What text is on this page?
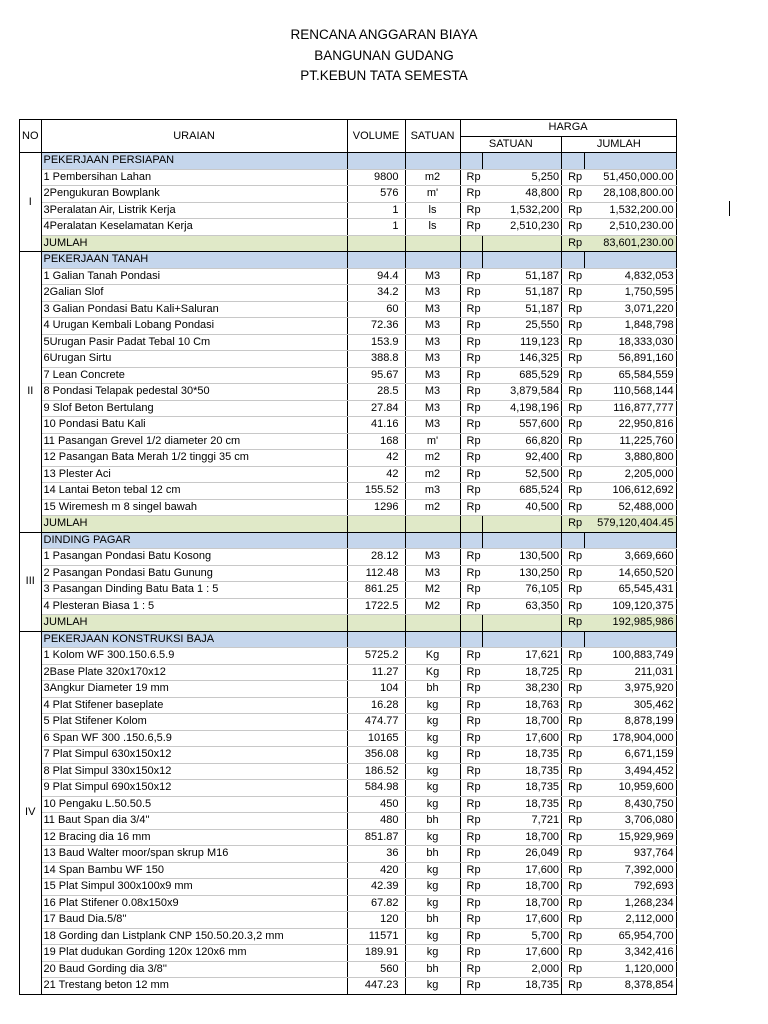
RENCANA ANGGARAN BIAYA
BANGUNAN GUDANG
PT.KEBUN TATA SEMESTA
NO	URAIAN	VOLUME	SATUAN	HARGA			
				SATUAN		JUMLAH	
I	PEKERJAAN PERSIAPAN						
	1 Pembersihan Lahan	9800	m2	Rp	5,250	Rp	51,450,000.00
	2Pengukuran Bowplank	576	m'	Rp	48,800	Rp	28,108,800.00
	3Peralatan Air, Listrik Kerja	1	ls	Rp	1,532,200	Rp	1,532,200.00
	4Peralatan Keselamatan Kerja	1	ls	Rp	2,510,230	Rp	2,510,230.00
	JUMLAH					Rp	83,601,230.00
II	PEKERJAAN TANAH						
	1 Galian Tanah Pondasi	94.4	M3	Rp	51,187	Rp	4,832,053
	2Galian Slof	34.2	M3	Rp	51,187	Rp	1,750,595
	3 Galian Pondasi Batu Kali+Saluran	60	M3	Rp	51,187	Rp	3,071,220
	4 Urugan Kembali Lobang Pondasi	72.36	M3	Rp	25,550	Rp	1,848,798
	5Urugan Pasir Padat Tebal 10 Cm	153.9	M3	Rp	119,123	Rp	18,333,030
	6Urugan Sirtu	388.8	M3	Rp	146,325	Rp	56,891,160
	7 Lean Concrete	95.67	M3	Rp	685,529	Rp	65,584,559
	8 Pondasi Telapak pedestal 30*50	28.5	M3	Rp	3,879,584	Rp	110,568,144
	9 Slof Beton Bertulang	27.84	M3	Rp	4,198,196	Rp	116,877,777
	10 Pondasi Batu Kali	41.16	M3	Rp	557,600	Rp	22,950,816
	11 Pasangan Grevel 1/2 diameter 20 cm	168	m'	Rp	66,820	Rp	11,225,760
	12 Pasangan Bata Merah 1/2 tinggi 35 cm	42	m2	Rp	92,400	Rp	3,880,800
	13 Plester Aci	42	m2	Rp	52,500	Rp	2,205,000
	14 Lantai Beton tebal 12 cm	155.52	m3	Rp	685,524	Rp	106,612,692
	15 Wiremesh m 8 singel bawah	1296	m2	Rp	40,500	Rp	52,488,000
	JUMLAH					Rp	579,120,404.45
III	DINDING PAGAR						
	1 Pasangan Pondasi Batu Kosong	28.12	M3	Rp	130,500	Rp	3,669,660
	2 Pasangan Pondasi Batu Gunung	112.48	M3	Rp	130,250	Rp	14,650,520
	3 Pasangan Dinding Batu Bata 1 : 5	861.25	M2	Rp	76,105	Rp	65,545,431
	4 Plesteran Biasa 1 : 5	1722.5	M2	Rp	63,350	Rp	109,120,375
	JUMLAH					Rp	192,985,986
IV	PEKERJAAN KONSTRUKSI BAJA						
	1 Kolom WF 300.150.6.5.9	5725.2	Kg	Rp	17,621	Rp	100,883,749
	2Base Plate 320x170x12	11.27	Kg	Rp	18,725	Rp	211,031
	3Angkur Diameter 19 mm	104	bh	Rp	38,230	Rp	3,975,920
	4 Plat Stifener baseplate	16.28	kg	Rp	18,763	Rp	305,462
	5 Plat Stifener Kolom	474.77	kg	Rp	18,700	Rp	8,878,199
	6 Span WF 300 .150.6,5.9	10165	kg	Rp	17,600	Rp	178,904,000
	7 Plat Simpul 630x150x12	356.08	kg	Rp	18,735	Rp	6,671,159
	8 Plat Simpul 330x150x12	186.52	kg	Rp	18,735	Rp	3,494,452
	9 Plat Simpul 690x150x12	584.98	kg	Rp	18,735	Rp	10,959,600
	10 Pengaku L.50.50.5	450	kg	Rp	18,735	Rp	8,430,750
	11 Baut Span dia 3/4''	480	bh	Rp	7,721	Rp	3,706,080
	12 Bracing dia 16 mm	851.87	kg	Rp	18,700	Rp	15,929,969
	13 Baud Walter moor/span skrup M16	36	bh	Rp	26,049	Rp	937,764
	14 Span Bambu WF 150	420	kg	Rp	17,600	Rp	7,392,000
	15 Plat Simpul 300x100x9 mm	42.39	kg	Rp	18,700	Rp	792,693
	16 Plat Stifener 0.08x150x9	67.82	kg	Rp	18,700	Rp	1,268,234
	17 Baud Dia.5/8''	120	bh	Rp	17,600	Rp	2,112,000
	18 Gording dan Listplank CNP 150.50.20.3,2 mm	11571	kg	Rp	5,700	Rp	65,954,700
	19 Plat dudukan Gording 120x 120x6 mm	189.91	kg	Rp	17,600	Rp	3,342,416
	20 Baud Gording dia 3/8''	560	bh	Rp	2,000	Rp	1,120,000
	21 Trestang beton 12 mm	447.23	kg	Rp	18,735	Rp	8,378,854
